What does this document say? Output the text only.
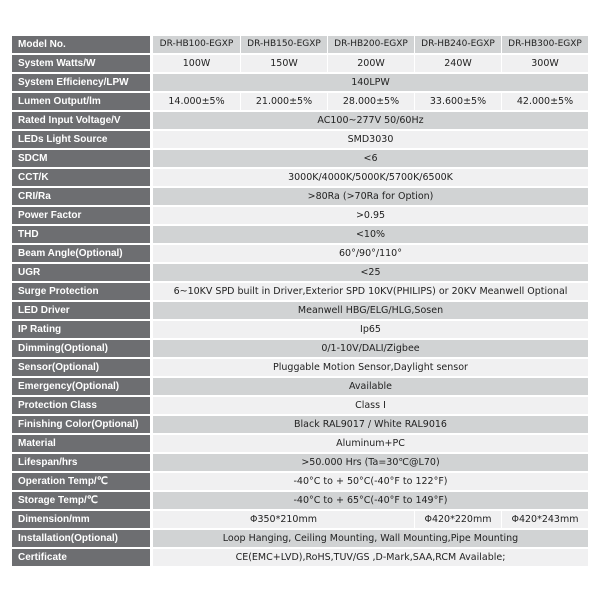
Model No.	DR-HB100-EGXP	DR-HB150-EGXP	DR-HB200-EGXP	DR-HB240-EGXP	DR-HB300-EGXP
System Watts/W	100W	150W	200W	240W	300W
System Efficiency/LPW	140LPW				
Lumen Output/lm	14.000±5%	21.000±5%	28.000±5%	33.600±5%	42.000±5%
Rated Input Voltage/V	AC100~277V 50/60Hz				
LEDs Light Source	SMD3030				
SDCM	<6				
CCT/K	3000K/4000K/5000K/5700K/6500K				
CRI/Ra	>80Ra (>70Ra for Option)				
Power Factor	>0.95				
THD	<10%				
Beam Angle(Optional)	60°/90°/110°				
UGR	<25				
Surge Protection	6~10KV SPD built in Driver,Exterior SPD 10KV(PHILIPS) or 20KV Meanwell Optional				
LED Driver	Meanwell HBG/ELG/HLG,Sosen				
IP Rating	Ip65				
Dimming(Optional)	0/1-10V/DALI/Zigbee				
Sensor(Optional)	Pluggable Motion Sensor,Daylight sensor				
Emergency(Optional)	Available				
Protection Class	Class Ⅰ				
Finishing Color(Optional)	Black RAL9017 / White RAL9016				
Material	Aluminum+PC				
Lifespan/hrs	>50.000 Hrs (Ta=30℃@L70)				
Operation Temp/℃	-40°C to + 50°C(-40°F to 122°F)				
Storage Temp/℃	-40°C to + 65°C(-40°F to 149°F)				
Dimension/mm	Φ350*210mm			Φ420*220mm	Φ420*243mm
Installation(Optional)	Loop Hanging, Ceiling Mounting, Wall Mounting,Pipe Mounting				
Certificate	CE(EMC+LVD),RoHS,TUV/GS ,D-Mark,SAA,RCM Available;				
